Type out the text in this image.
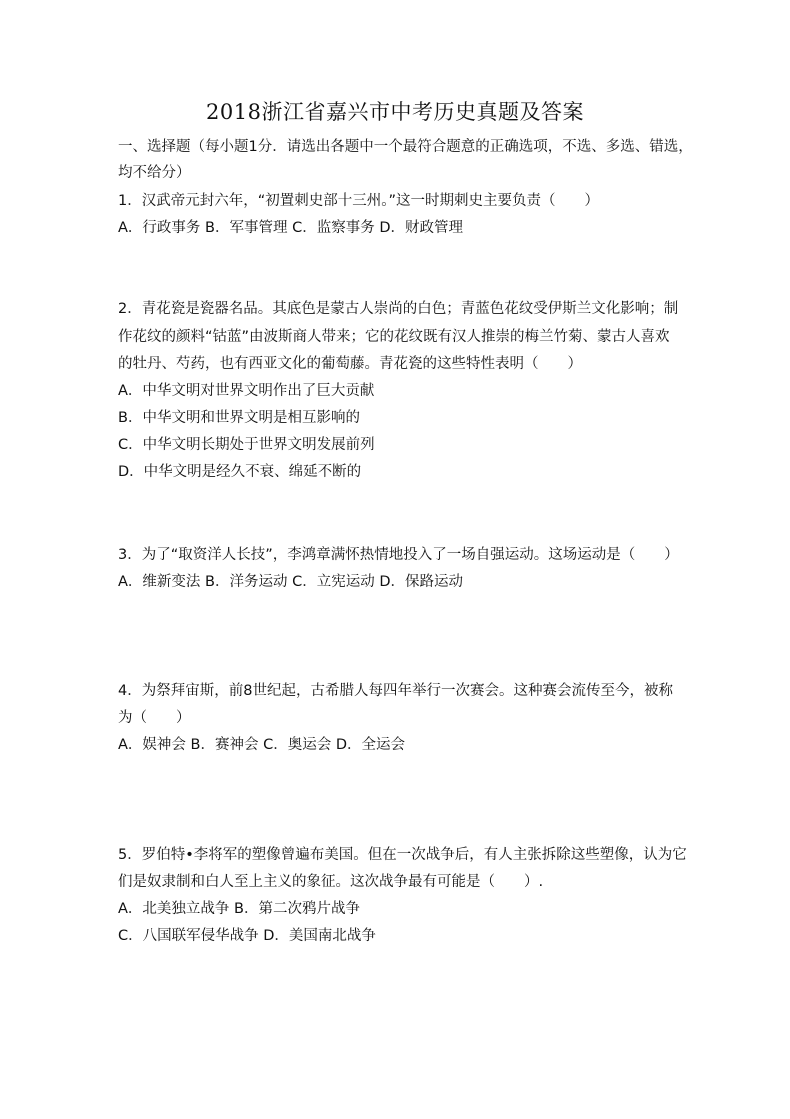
2018浙江省嘉兴市中考历史真题及答案
一、选择题（每小题1分．请选出各题中一个最符合题意的正确选项，不选、多选、错选，
均不给分）
1．汉武帝元封六年，“初置刺史部十三州。”这一时期刺史主要负责（　　）
A．行政事务 B．军事管理 C．监察事务 D．财政管理
2．青花瓷是瓷器名品。其底色是蒙古人崇尚的白色；青蓝色花纹受伊斯兰文化影响；制
作花纹的颜料“钴蓝”由波斯商人带来；它的花纹既有汉人推崇的梅兰竹菊、蒙古人喜欢
的牡丹、芍药，也有西亚文化的葡萄藤。青花瓷的这些特性表明（　　）
A．中华文明对世界文明作出了巨大贡献
B．中华文明和世界文明是相互影响的
C．中华文明长期处于世界文明发展前列
D．中华文明是经久不衰、绵延不断的
3．为了“取资洋人长技”，李鸿章满怀热情地投入了一场自强运动。这场运动是（　　）
A．维新变法 B．洋务运动 C．立宪运动 D．保路运动
4．为祭拜宙斯，前8世纪起，古希腊人每四年举行一次赛会。这种赛会流传至今，被称
为（　　）
A．娱神会 B．赛神会 C．奥运会 D．全运会
5．罗伯特•李将军的塑像曾遍布美国。但在一次战争后，有人主张拆除这些塑像，认为它
们是奴隶制和白人至上主义的象征。这次战争最有可能是（　　）.
A．北美独立战争 B．第二次鸦片战争
C．八国联军侵华战争 D．美国南北战争
